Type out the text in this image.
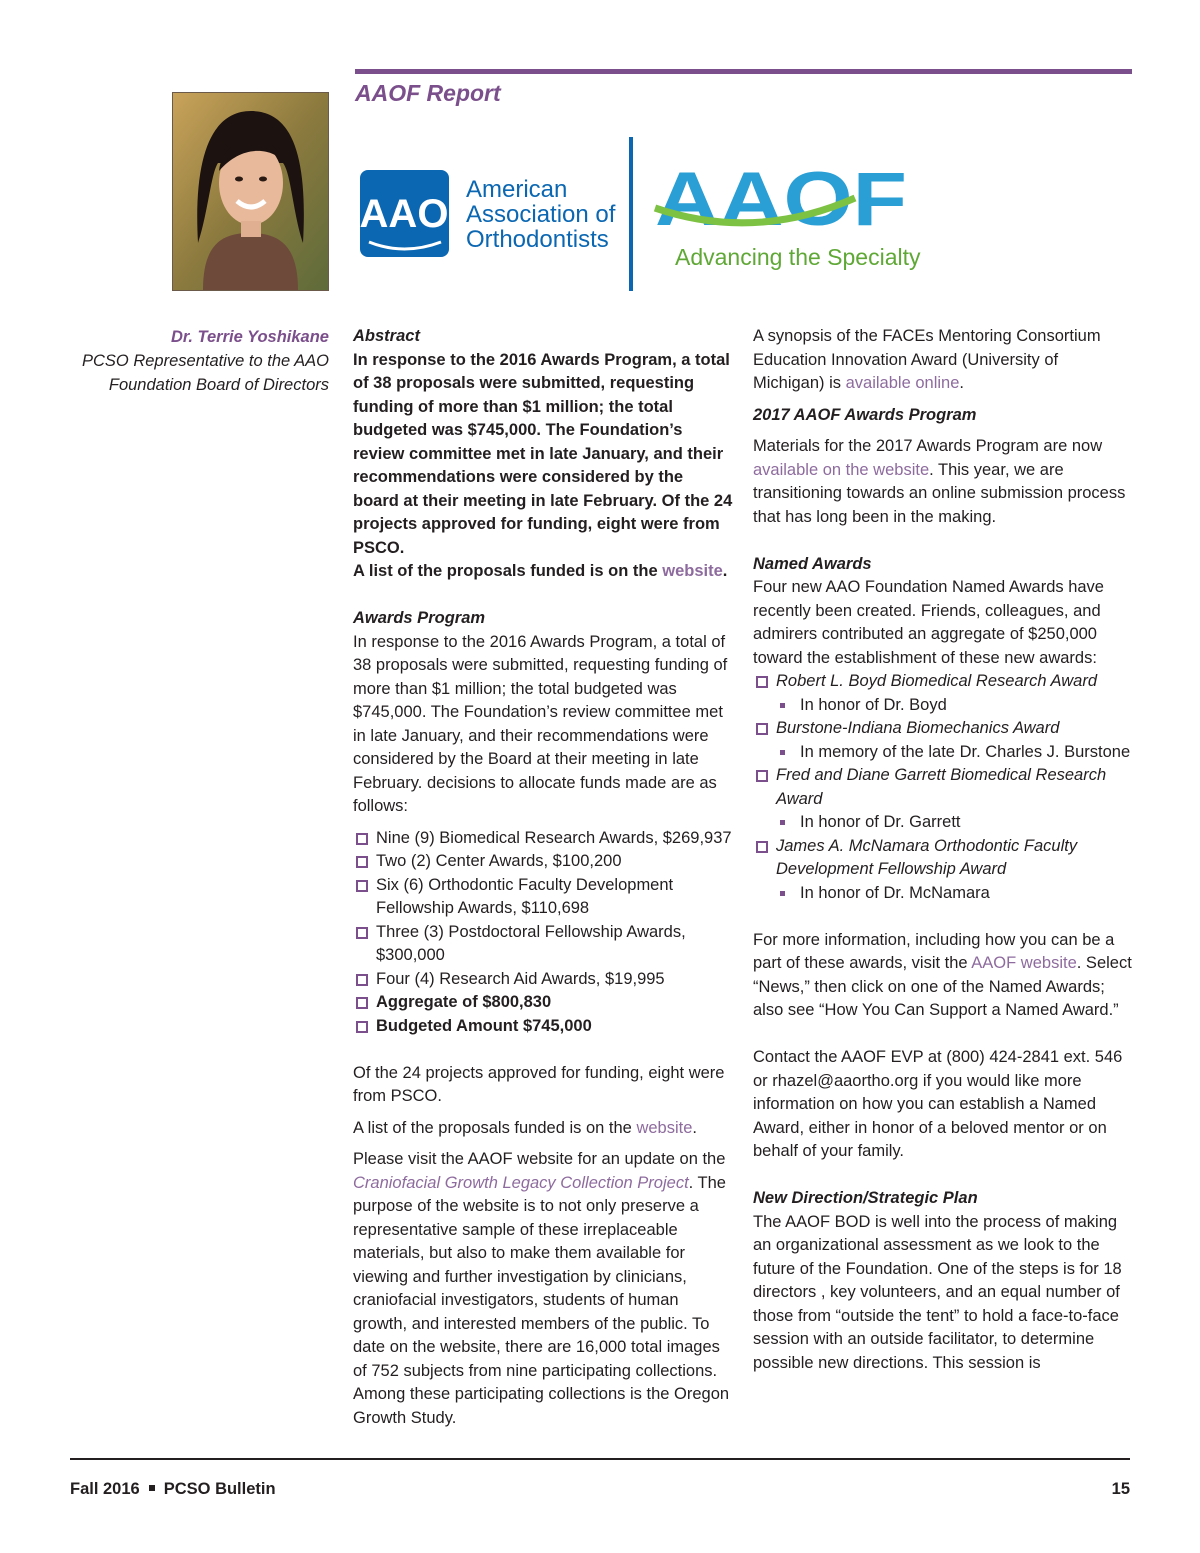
AAOF Report
AAO
American
Association of
Orthodontists AAOF
Advancing the Specialty
Dr. Terrie Yoshikane
PCSO Representative to the AAO
Foundation Board of Directors

Abstract

In response to the 2016 Awards Program, a total of 38 proposals were submitted, requesting funding of more than $1 million; the total budgeted was $745,000. The Foundation’s review committee met in late January, and their recommendations were considered by the board at their meeting in late February. Of the 24 projects approved for funding, eight were from PSCO.

A list of the proposals funded is on the website.

Awards Program

In response to the 2016 Awards Program, a total of 38 proposals were submitted, requesting funding of more than $1 million; the total budgeted was $745,000. The Foundation’s review committee met in late January, and their recommendations were considered by the Board at their meeting in late February. decisions to allocate funds made are as follows:

Nine (9) Biomedical Research Awards, $269,937
Two (2) Center Awards, $100,200
Six (6) Orthodontic Faculty Development Fellowship Awards, $110,698
Three (3) Postdoctoral Fellowship Awards, $300,000
Four (4) Research Aid Awards, $19,995
Aggregate of $800,830
Budgeted Amount $745,000

Of the 24 projects approved for funding, eight were from PSCO.

A list of the proposals funded is on the website.

Please visit the AAOF website for an update on the Craniofacial Growth Legacy Collection Project. The purpose of the website is to not only preserve a representative sample of these irreplaceable materials, but also to make them available for viewing and further investigation by clinicians, craniofacial investigators, students of human growth, and interested members of the public. To date on the website, there are 16,000 total images of 752 subjects from nine participating collections. Among these participating collections is the Oregon Growth Study.

A synopsis of the FACEs Mentoring Consortium Education Innovation Award (University of Michigan) is available online.

2017 AAOF Awards Program

Materials for the 2017 Awards Program are now available on the website. This year, we are transitioning towards an online submission process that has long been in the making.

Named Awards

Four new AAO Foundation Named Awards have recently been created. Friends, colleagues, and admirers contributed an aggregate of $250,000 toward the establishment of these new awards:

Robert L. Boyd Biomedical Research Award
In honor of Dr. Boyd
Burstone-Indiana Biomechanics Award
In memory of the late Dr. Charles J. Burstone
Fred and Diane Garrett Biomedical Research Award
In honor of Dr. Garrett
James A. McNamara Orthodontic Faculty Development Fellowship Award
In honor of Dr. McNamara

For more information, including how you can be a part of these awards, visit the AAOF website. Select “News,” then click on one of the Named Awards; also see “How You Can Support a Named Award.”

Contact the AAOF EVP at (800) 424-2841 ext. 546 or rhazel@aaortho.org if you would like more information on how you can establish a Named Award, either in honor of a beloved mentor or on behalf of your family.

New Direction/Strategic Plan

The AAOF BOD is well into the process of making an organizational assessment as we look to the future of the Foundation. One of the steps is for 18 directors , key volunteers, and an equal number of those from “outside the tent” to hold a face-to-face session with an outside facilitator, to determine possible new directions. This session is

Fall 2016 PCSO Bulletin	15
